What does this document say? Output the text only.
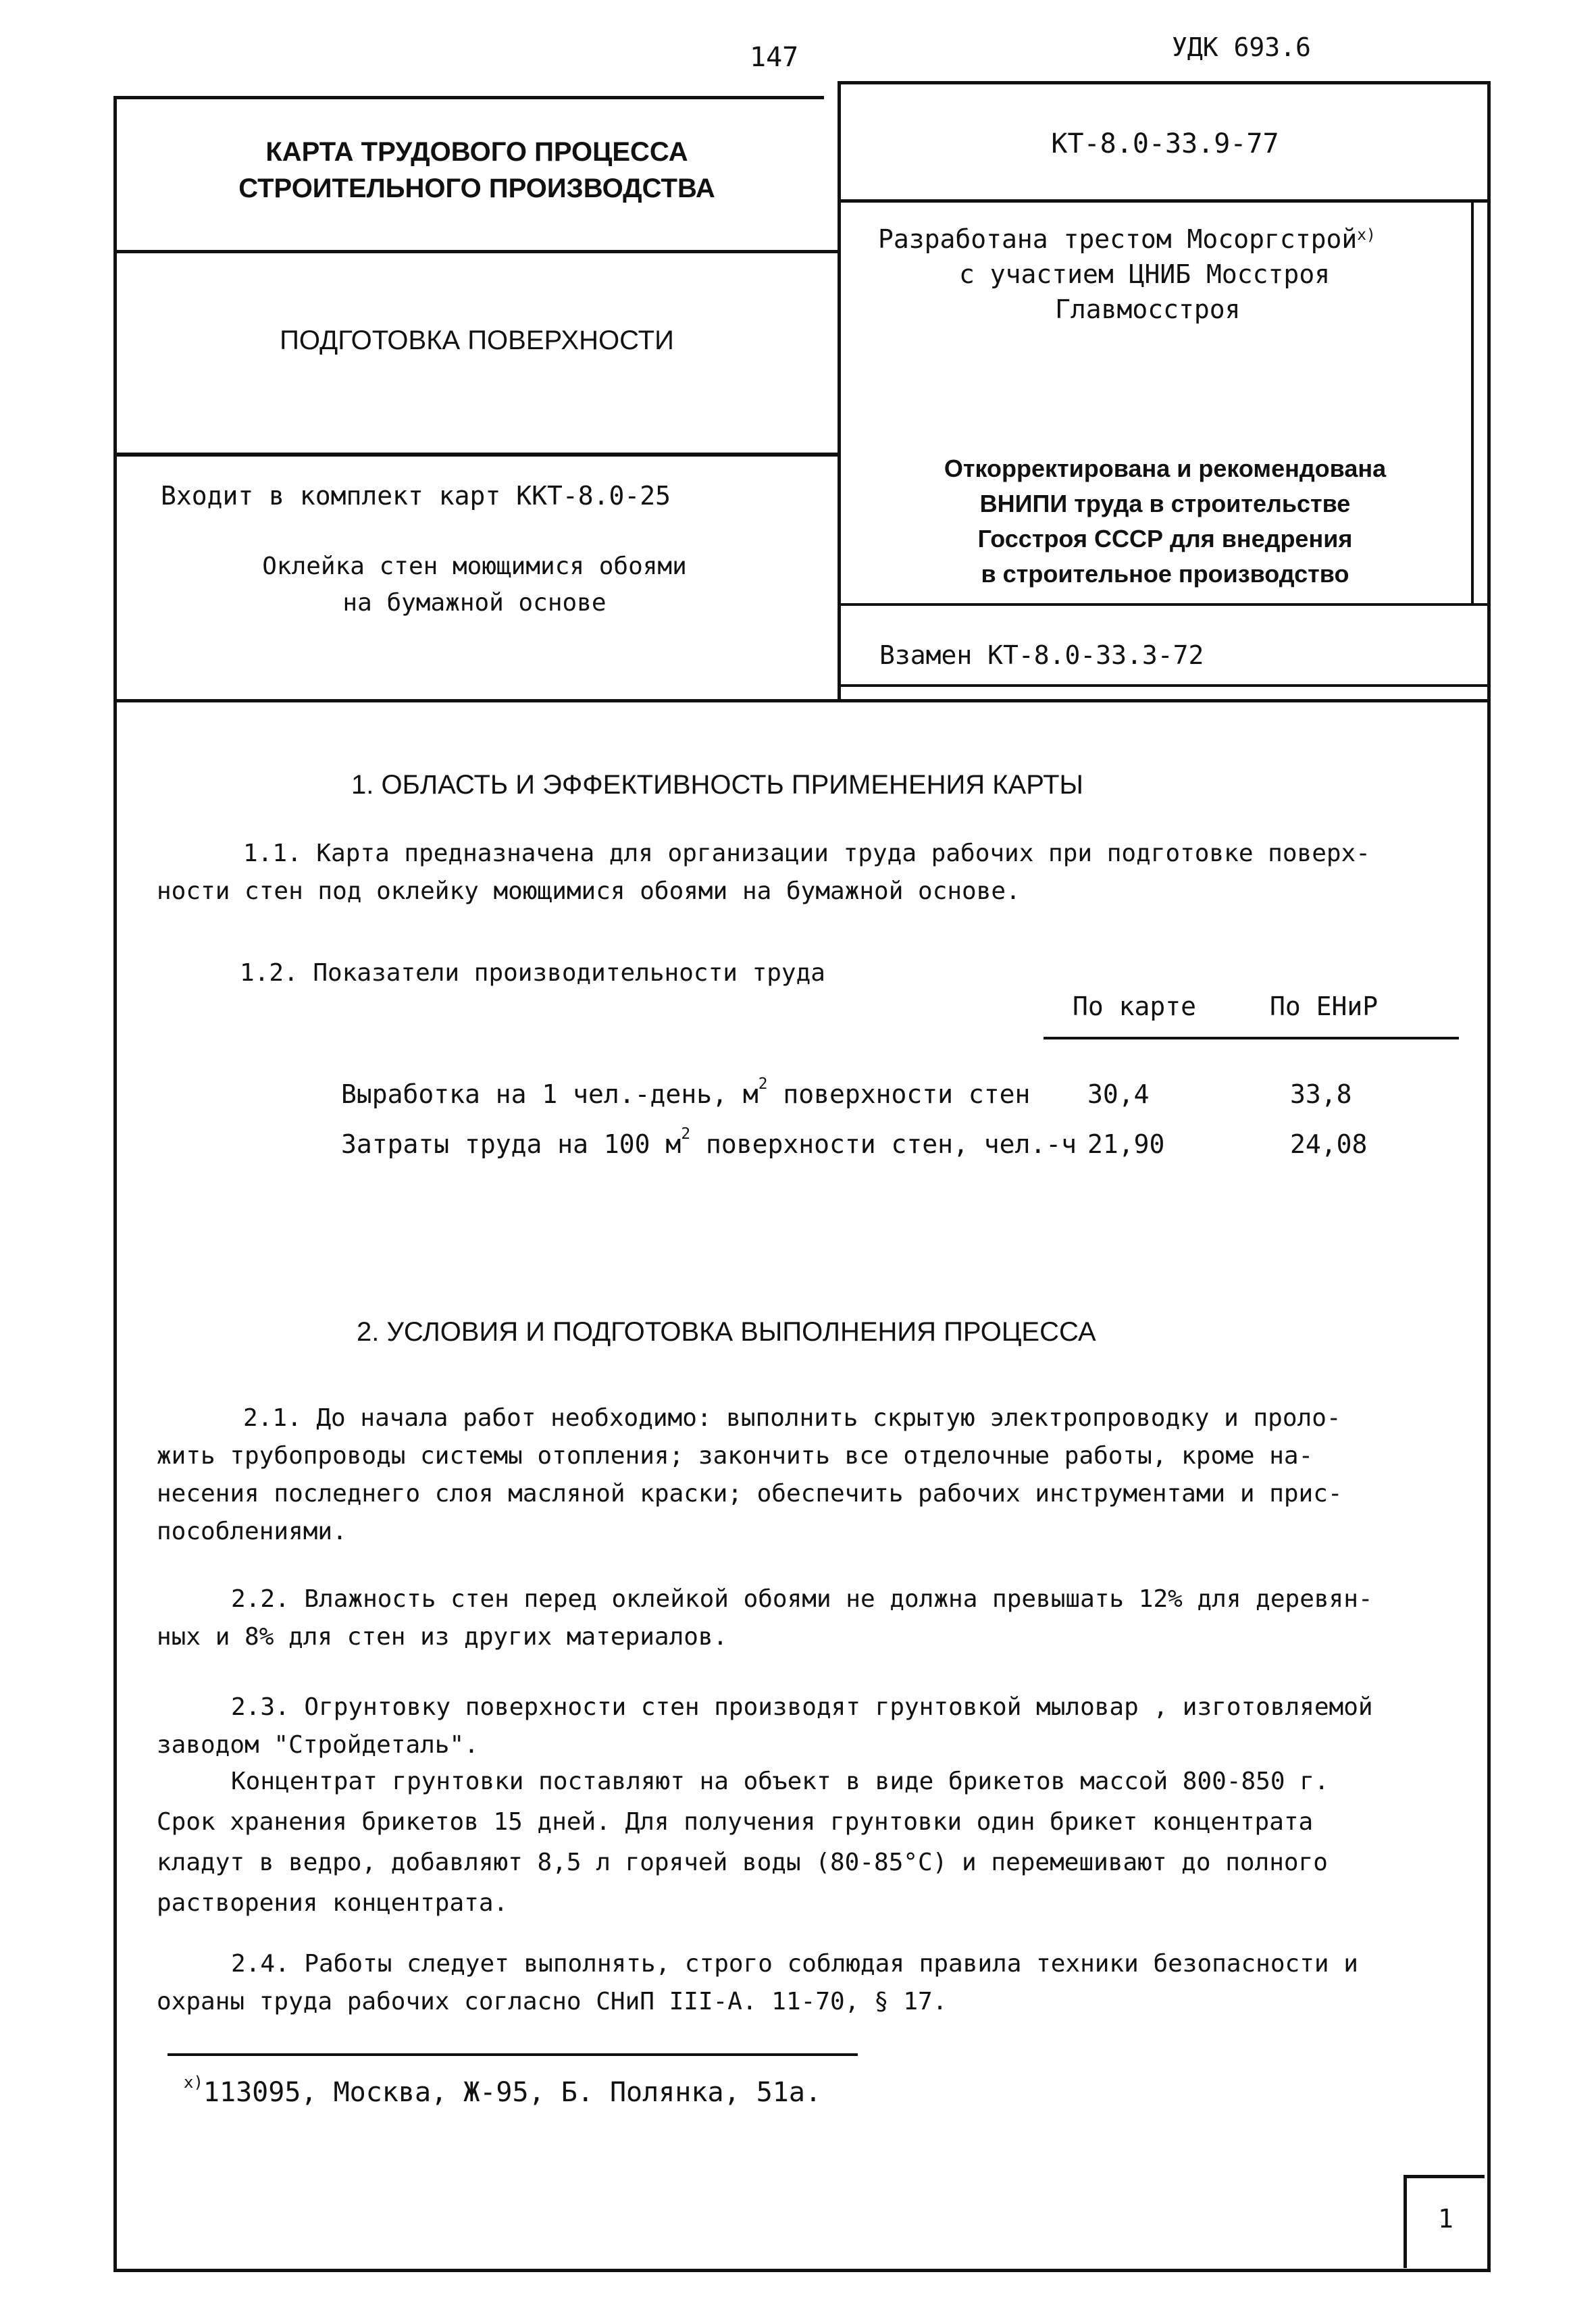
147	УДК 693.6
КАРТА ТРУДОВОГО ПРОЦЕССА
СТРОИТЕЛЬНОГО ПРОИЗВОДСТВА
ПОДГОТОВКА ПОВЕРХНОСТИ
Входит в комплект карт ККТ-8.0-25
Оклейка стен моющимися обоями
на бумажной основе
КТ-8.0-33.9-77
Разработана трестом Мосоргстрой$^{x)}$
с участием ЦНИБ Мосстроя
Главмосстроя
Откорректирована и рекомендована
ВНИПИ труда в строительстве
Госстроя СССР для внедрения
в строительное производство
Взамен КТ-8.0-33.3-72
1. ОБЛАСТЬ И ЭФФЕКТИВНОСТЬ ПРИМЕНЕНИЯ КАРТЫ
1.1. Карта предназначена для организации труда рабочих при подготовке поверх-
ности стен под оклейку моющимися обоями на бумажной основе.
1.2. Показатели производительности труда
По карте	По ЕНиР
Выработка на 1 чел.-день, $м^2$ поверхности стен 30,4	33,8
Затраты труда на 100 $м^2$ поверхности стен, чел.-ч 21,90	24,08
2. УСЛОВИЯ И ПОДГОТОВКА ВЫПОЛНЕНИЯ ПРОЦЕССА
2.1. До начала работ необходимо: выполнить скрытую электропроводку и проло-
жить трубопроводы системы отопления; закончить все отделочные работы, кроме на-
несения последнего слоя масляной краски; обеспечить рабочих инструментами и прис-
пособлениями.
2.2. Влажность стен перед оклейкой обоями не должна превышать 12% для деревян-
ных и 8% для стен из других материалов.
2.3. Огрунтовку поверхности стен производят грунтовкой мыловар , изготовляемой
заводом "Стройдеталь".
Концентрат грунтовки поставляют на объект в виде брикетов массой 800-850 г.
Срок хранения брикетов 15 дней. Для получения грунтовки один брикет концентрата
кладут в ведро, добавляют 8,5 л горячей воды (80-85°С) и перемешивают до полного
растворения концентрата.
2.4. Работы следует выполнять, строго соблюдая правила техники безопасности и
охраны труда рабочих согласно СНиП III-А. 11-70, § 17.
$^{x)}$113095, Москва, Ж-95, Б. Полянка, 51а.
1
